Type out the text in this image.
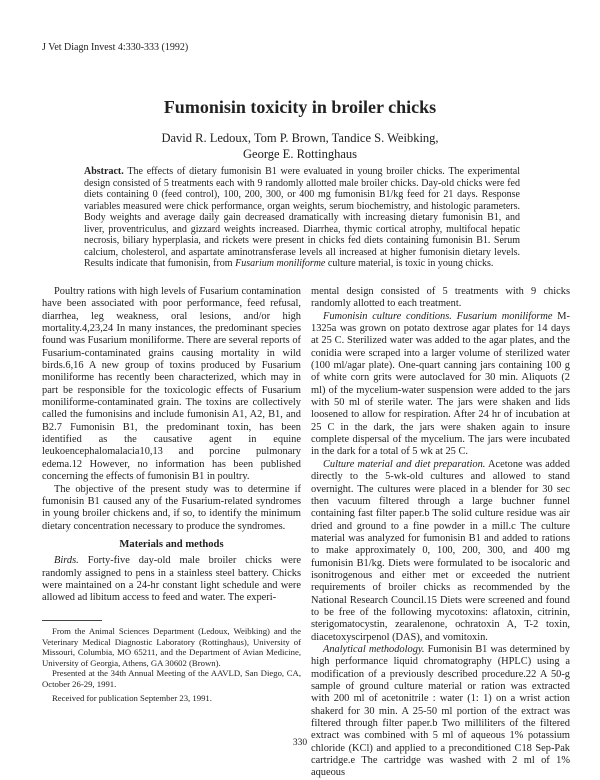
J Vet Diagn Invest 4:330-333 (1992)
Fumonisin toxicity in broiler chicks
David R. Ledoux, Tom P. Brown, Tandice S. Weibking,
George E. Rottinghaus
Abstract. The effects of dietary fumonisin B1 were evaluated in young broiler chicks. The experimental design consisted of 5 treatments each with 9 randomly allotted male broiler chicks. Day-old chicks were fed diets containing 0 (feed control), 100, 200, 300, or 400 mg fumonisin B1/kg feed for 21 days. Response variables measured were chick performance, organ weights, serum biochemistry, and histologic parameters. Body weights and average daily gain decreased dramatically with increasing dietary fumonisin B1, and liver, proventriculus, and gizzard weights increased. Diarrhea, thymic cortical atrophy, multifocal hepatic necrosis, biliary hyperplasia, and rickets were present in chicks fed diets containing fumonisin B1. Serum calcium, cholesterol, and aspartate aminotransferase levels all increased at higher fumonisin dietary levels. Results indicate that fumonisin, from Fusarium moniliforme culture material, is toxic in young chicks.

Poultry rations with high levels of Fusarium contamination have been associated with poor performance, feed refusal, diarrhea, leg weakness, oral lesions, and/or high mortality.4,23,24 In many instances, the predominant species found was Fusarium moniliforme. There are several reports of Fusarium-contaminated grains causing mortality in wild birds.6,16 A new group of toxins produced by Fusarium moniliforme has recently been characterized, which may in part be responsible for the toxicologic effects of Fusarium moniliforme-contaminated grain. The toxins are collectively called the fumonisins and include fumonisin A1, A2, B1, and B2.7 Fumonisin B1, the predominant toxin, has been identified as the causative agent in equine leukoencephalomalacia10,13 and porcine pulmonary edema.12 However, no information has been published concerning the effects of fumonisin B1 in poultry.

The objective of the present study was to determine if fumonisin B1 caused any of the Fusarium-related syndromes in young broiler chickens and, if so, to identify the minimum dietary concentration necessary to produce the syndromes.

Materials and methods

Birds. Forty-five day-old male broiler chicks were randomly assigned to pens in a stainless steel battery. Chicks were maintained on a 24-hr constant light schedule and were allowed ad libitum access to feed and water. The experi-

mental design consisted of 5 treatments with 9 chicks randomly allotted to each treatment.

Fumonisin culture conditions. Fusarium moniliforme M-1325a was grown on potato dextrose agar plates for 14 days at 25 C. Sterilized water was added to the agar plates, and the conidia were scraped into a larger volume of sterilized water (100 ml/agar plate). One-quart canning jars containing 100 g of white corn grits were autoclaved for 30 min. Aliquots (2 ml) of the mycelium-water suspension were added to the jars with 50 ml of sterile water. The jars were shaken and lids loosened to allow for respiration. After 24 hr of incubation at 25 C in the dark, the jars were shaken again to insure complete dispersal of the mycelium. The jars were incubated in the dark for a total of 5 wk at 25 C.

Culture material and diet preparation. Acetone was added directly to the 5-wk-old cultures and allowed to stand overnight. The cultures were placed in a blender for 30 sec then vacuum filtered through a large buchner funnel containing fast filter paper.b The solid culture residue was air dried and ground to a fine powder in a mill.c The culture material was analyzed for fumonisin B1 and added to rations to make approximately 0, 100, 200, 300, and 400 mg fumonisin B1/kg. Diets were formulated to be isocaloric and isonitrogenous and either met or exceeded the nutrient requirements of broiler chicks as recommended by the National Research Council.15 Diets were screened and found to be free of the following mycotoxins: aflatoxin, citrinin, sterigomatocystin, zearalenone, ochratoxin A, T-2 toxin, diacetoxyscirpenol (DAS), and vomitoxin.

Analytical methodology. Fumonisin B1 was determined by high performance liquid chromatography (HPLC) using a modification of a previously described procedure.22 A 50-g sample of ground culture material or ration was extracted with 200 ml of acetonitrile : water (1: 1) on a wrist action shakerd for 30 min. A 25-50 ml portion of the extract was filtered through filter paper.b Two milliliters of the filtered extract was combined with 5 ml of aqueous 1% potassium chloride (KCl) and applied to a preconditioned C18 Sep-Pak cartridge.e The cartridge was washed with 2 ml of 1% aqueous

From the Animal Sciences Department (Ledoux, Weibking) and the Veterinary Medical Diagnostic Laboratory (Rottinghaus), University of Missouri, Columbia, MO 65211, and the Department of Avian Medicine, University of Georgia, Athens, GA 30602 (Brown).

Presented at the 34th Annual Meeting of the AAVLD, San Diego, CA, October 26-29, 1991.

Received for publication September 23, 1991.

330
